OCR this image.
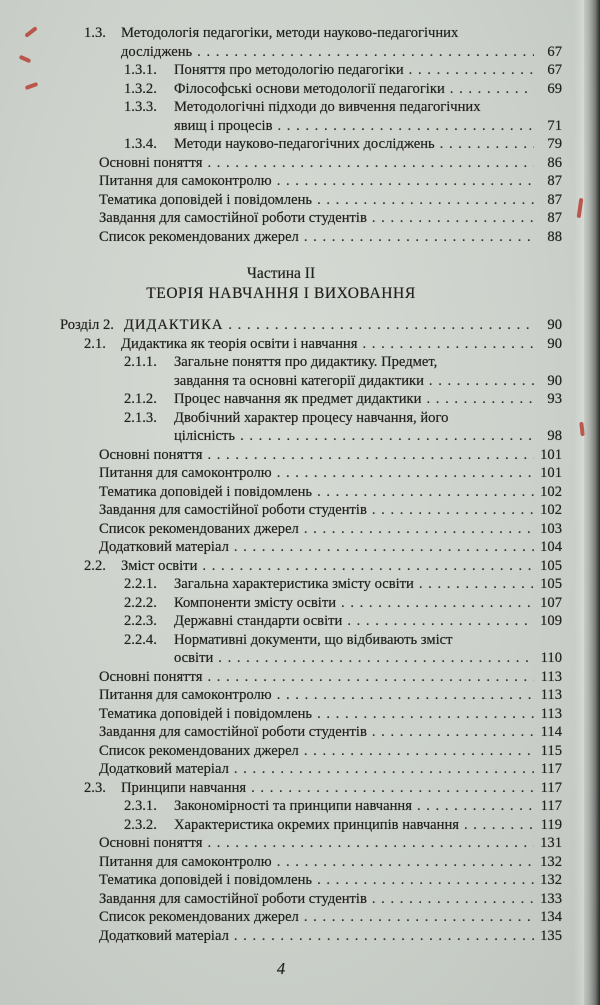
1.3.	Методологія педагогіки, методи науково-педагогічних
досліджень . . .	67
1.3.1.	Поняття про методологію педагогіки . . .	67
1.3.2.	Філософські основи методології педагогіки . . .	69
1.3.3.	Методологічні підходи до вивчення педагогічних
явищ і процесів . . .	71
1.3.4.	Методи науково-педагогічних досліджень . . .	79
Основні поняття . . .	86
Питання для самоконтролю . . .	87
Тематика доповідей і повідомлень . . .	87
Завдання для самостійної роботи студентів . . .	87
Список рекомендованих джерел . . .	88
Частина II
ТЕОРІЯ НАВЧАННЯ І ВИХОВАННЯ
Розділ 2. ДИДАКТИКА . . .	90
2.1.	Дидактика як теорія освіти і навчання . . .	90
2.1.1.	Загальне поняття про дидактику. Предмет,
завдання та основні категорії дидактики . . .	90
2.1.2.	Процес навчання як предмет дидактики . . .	93
2.1.3.	Двобічний характер процесу навчання, його
цілісність . . .	98
Основні поняття . . .	101
Питання для самоконтролю . . .	101
Тематика доповідей і повідомлень . . .	102
Завдання для самостійної роботи студентів . . .	102
Список рекомендованих джерел . . .	103
Додатковий матеріал . . .	104
2.2.	Зміст освіти . . .	105
2.2.1.	Загальна характеристика змісту освіти . . .	105
2.2.2.	Компоненти змісту освіти . . .	107
2.2.3.	Державні стандарти освіти . . .	109
2.2.4.	Нормативні документи, що відбивають зміст
освіти . . .	110
Основні поняття . . .	113
Питання для самоконтролю . . .	113
Тематика доповідей і повідомлень . . .	113
Завдання для самостійної роботи студентів . . .	114
Список рекомендованих джерел . . .	115
Додатковий матеріал . . .	117
2.3.	Принципи навчання . . .	117
2.3.1.	Закономірності та принципи навчання . . .	117
2.3.2.	Характеристика окремих принципів навчання . . .	119
Основні поняття . . .	131
Питання для самоконтролю . . .	132
Тематика доповідей і повідомлень . . .	132
Завдання для самостійної роботи студентів . . .	133
Список рекомендованих джерел . . .	134
Додатковий матеріал . . .	135
4
